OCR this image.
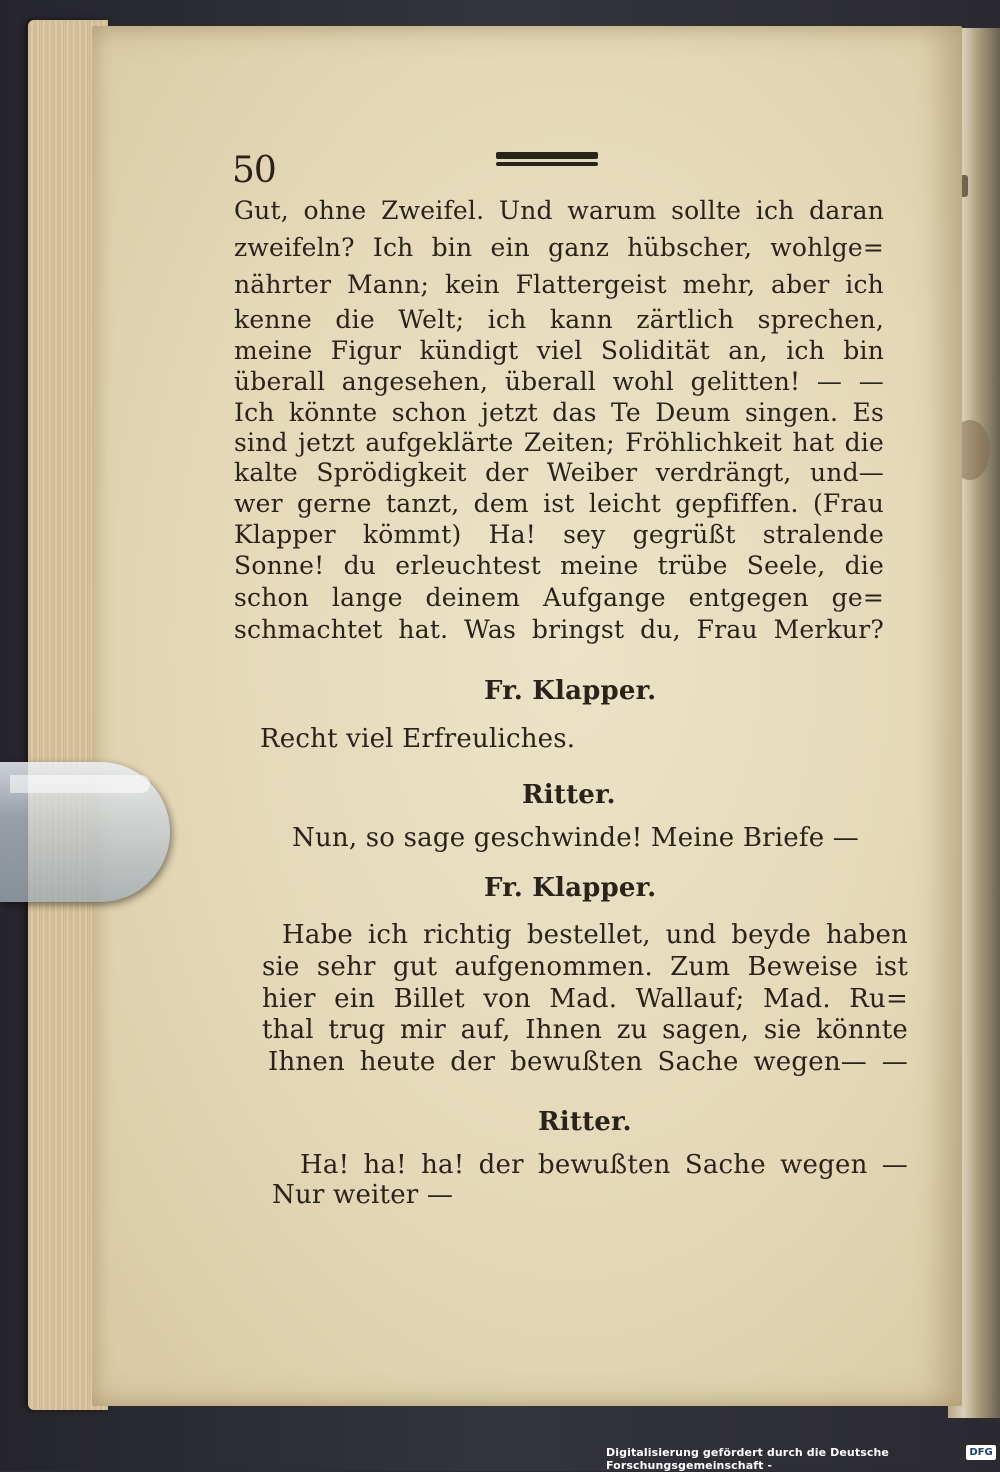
50
Gut, ohne Zweifel. Und warum sollte ich daran
zweifeln? Ich bin ein ganz hübscher, wohlge=
nährter Mann; kein Flattergeist mehr, aber ich
kenne die Welt; ich kann zärtlich sprechen,
meine Figur kündigt viel Solidität an, ich bin
überall angesehen, überall wohl gelitten! — —
Ich könnte schon jetzt das Te Deum singen. Es
sind jetzt aufgeklärte Zeiten; Fröhlichkeit hat die
kalte Sprödigkeit der Weiber verdrängt, und—
wer gerne tanzt, dem ist leicht gepfiffen. (Frau
Klapper kömmt) Ha! sey gegrüßt stralende
Sonne! du erleuchtest meine trübe Seele, die
schon lange deinem Aufgange entgegen ge=
schmachtet hat. Was bringst du, Frau Merkur?
Fr. Klapper.
Recht viel Erfreuliches.
Ritter.
Nun, so sage geschwinde! Meine Briefe —
Fr. Klapper.
Habe ich richtig bestellet, und beyde haben
sie sehr gut aufgenommen. Zum Beweise ist
hier ein Billet von Mad. Wallauf; Mad. Ru=
thal trug mir auf, Ihnen zu sagen, sie könnte
Ihnen heute der bewußten Sache wegen— —
Ritter.
Ha! ha! ha! der bewußten Sache wegen —
Nur weiter —
Digitalisierung gefördert durch die Deutsche Forschungsgemeinschaft -
DFG
